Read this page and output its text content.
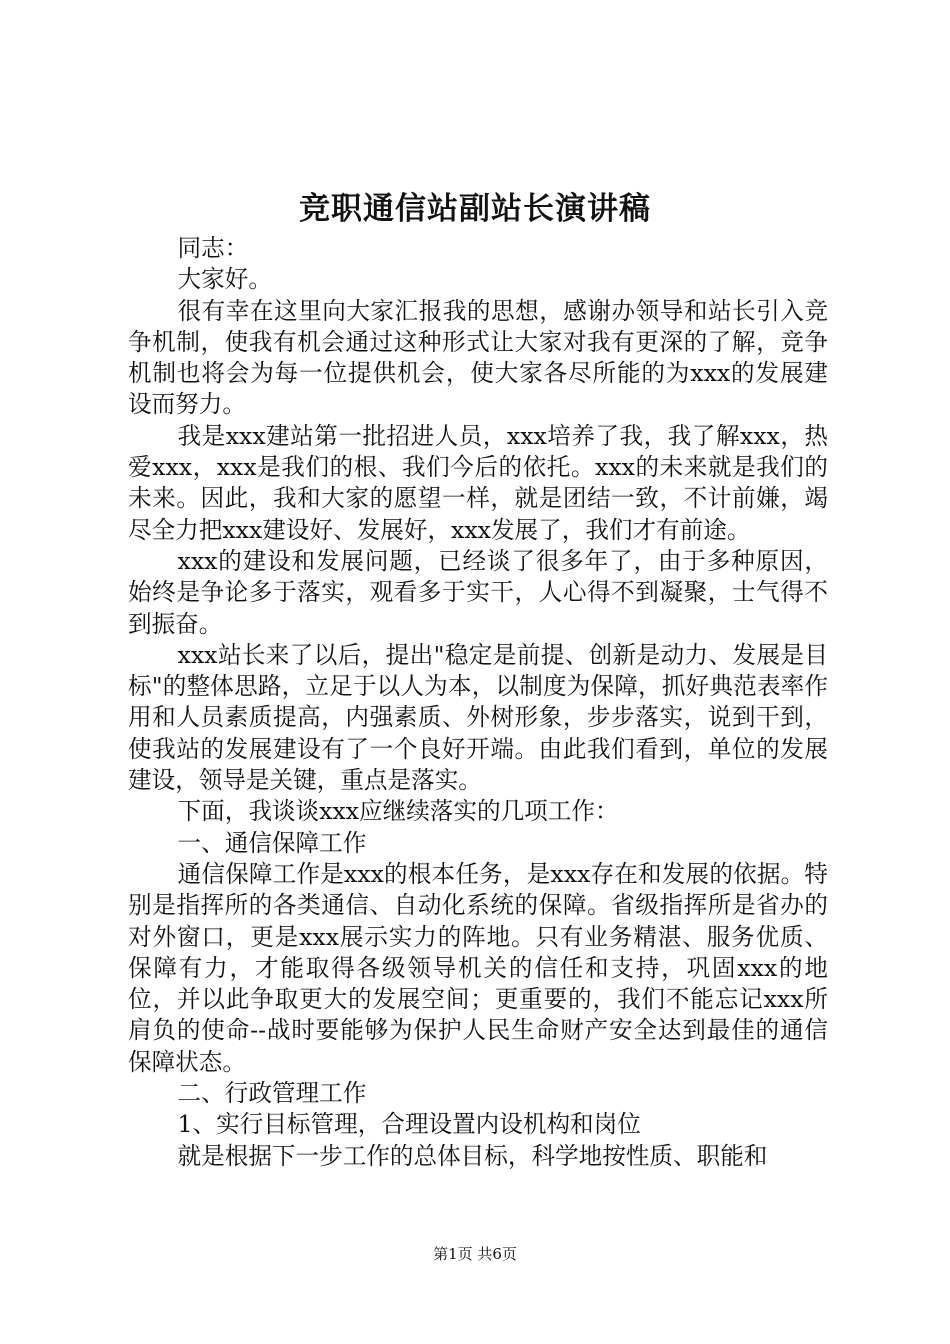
竞职通信站副站长演讲稿

同志：

大家好。

很有幸在这里向大家汇报我的思想，感谢办领导和站长引入竞争机制，使我有机会通过这种形式让大家对我有更深的了解，竞争机制也将会为每一位提供机会，使大家各尽所能的为xxx的发展建设而努力。

我是xxx建站第一批招进人员，xxx培养了我，我了解xxx，热爱xxx，xxx是我们的根、我们今后的依托。xxx的未来就是我们的未来。因此，我和大家的愿望一样，就是团结一致，不计前嫌，竭尽全力把xxx建设好、发展好，xxx发展了，我们才有前途。

xxx的建设和发展问题，已经谈了很多年了，由于多种原因，始终是争论多于落实，观看多于实干，人心得不到凝聚，士气得不到振奋。

xxx站长来了以后，提出"稳定是前提、创新是动力、发展是目标"的整体思路，立足于以人为本，以制度为保障，抓好典范表率作用和人员素质提高，内强素质、外树形象，步步落实，说到干到，使我站的发展建设有了一个良好开端。由此我们看到，单位的发展建设，领导是关键，重点是落实。

下面，我谈谈xxx应继续落实的几项工作：

一、通信保障工作

通信保障工作是xxx的根本任务，是xxx存在和发展的依据。特别是指挥所的各类通信、自动化系统的保障。省级指挥所是省办的对外窗口，更是xxx展示实力的阵地。只有业务精湛、服务优质、保障有力，才能取得各级领导机关的信任和支持，巩固xxx的地位，并以此争取更大的发展空间；更重要的，我们不能忘记xxx所肩负的使命--战时要能够为保护人民生命财产安全达到最佳的通信保障状态。

二、行政管理工作

1、实行目标管理，合理设置内设机构和岗位

就是根据下一步工作的总体目标，科学地按性质、职能和

第1页 共6页
